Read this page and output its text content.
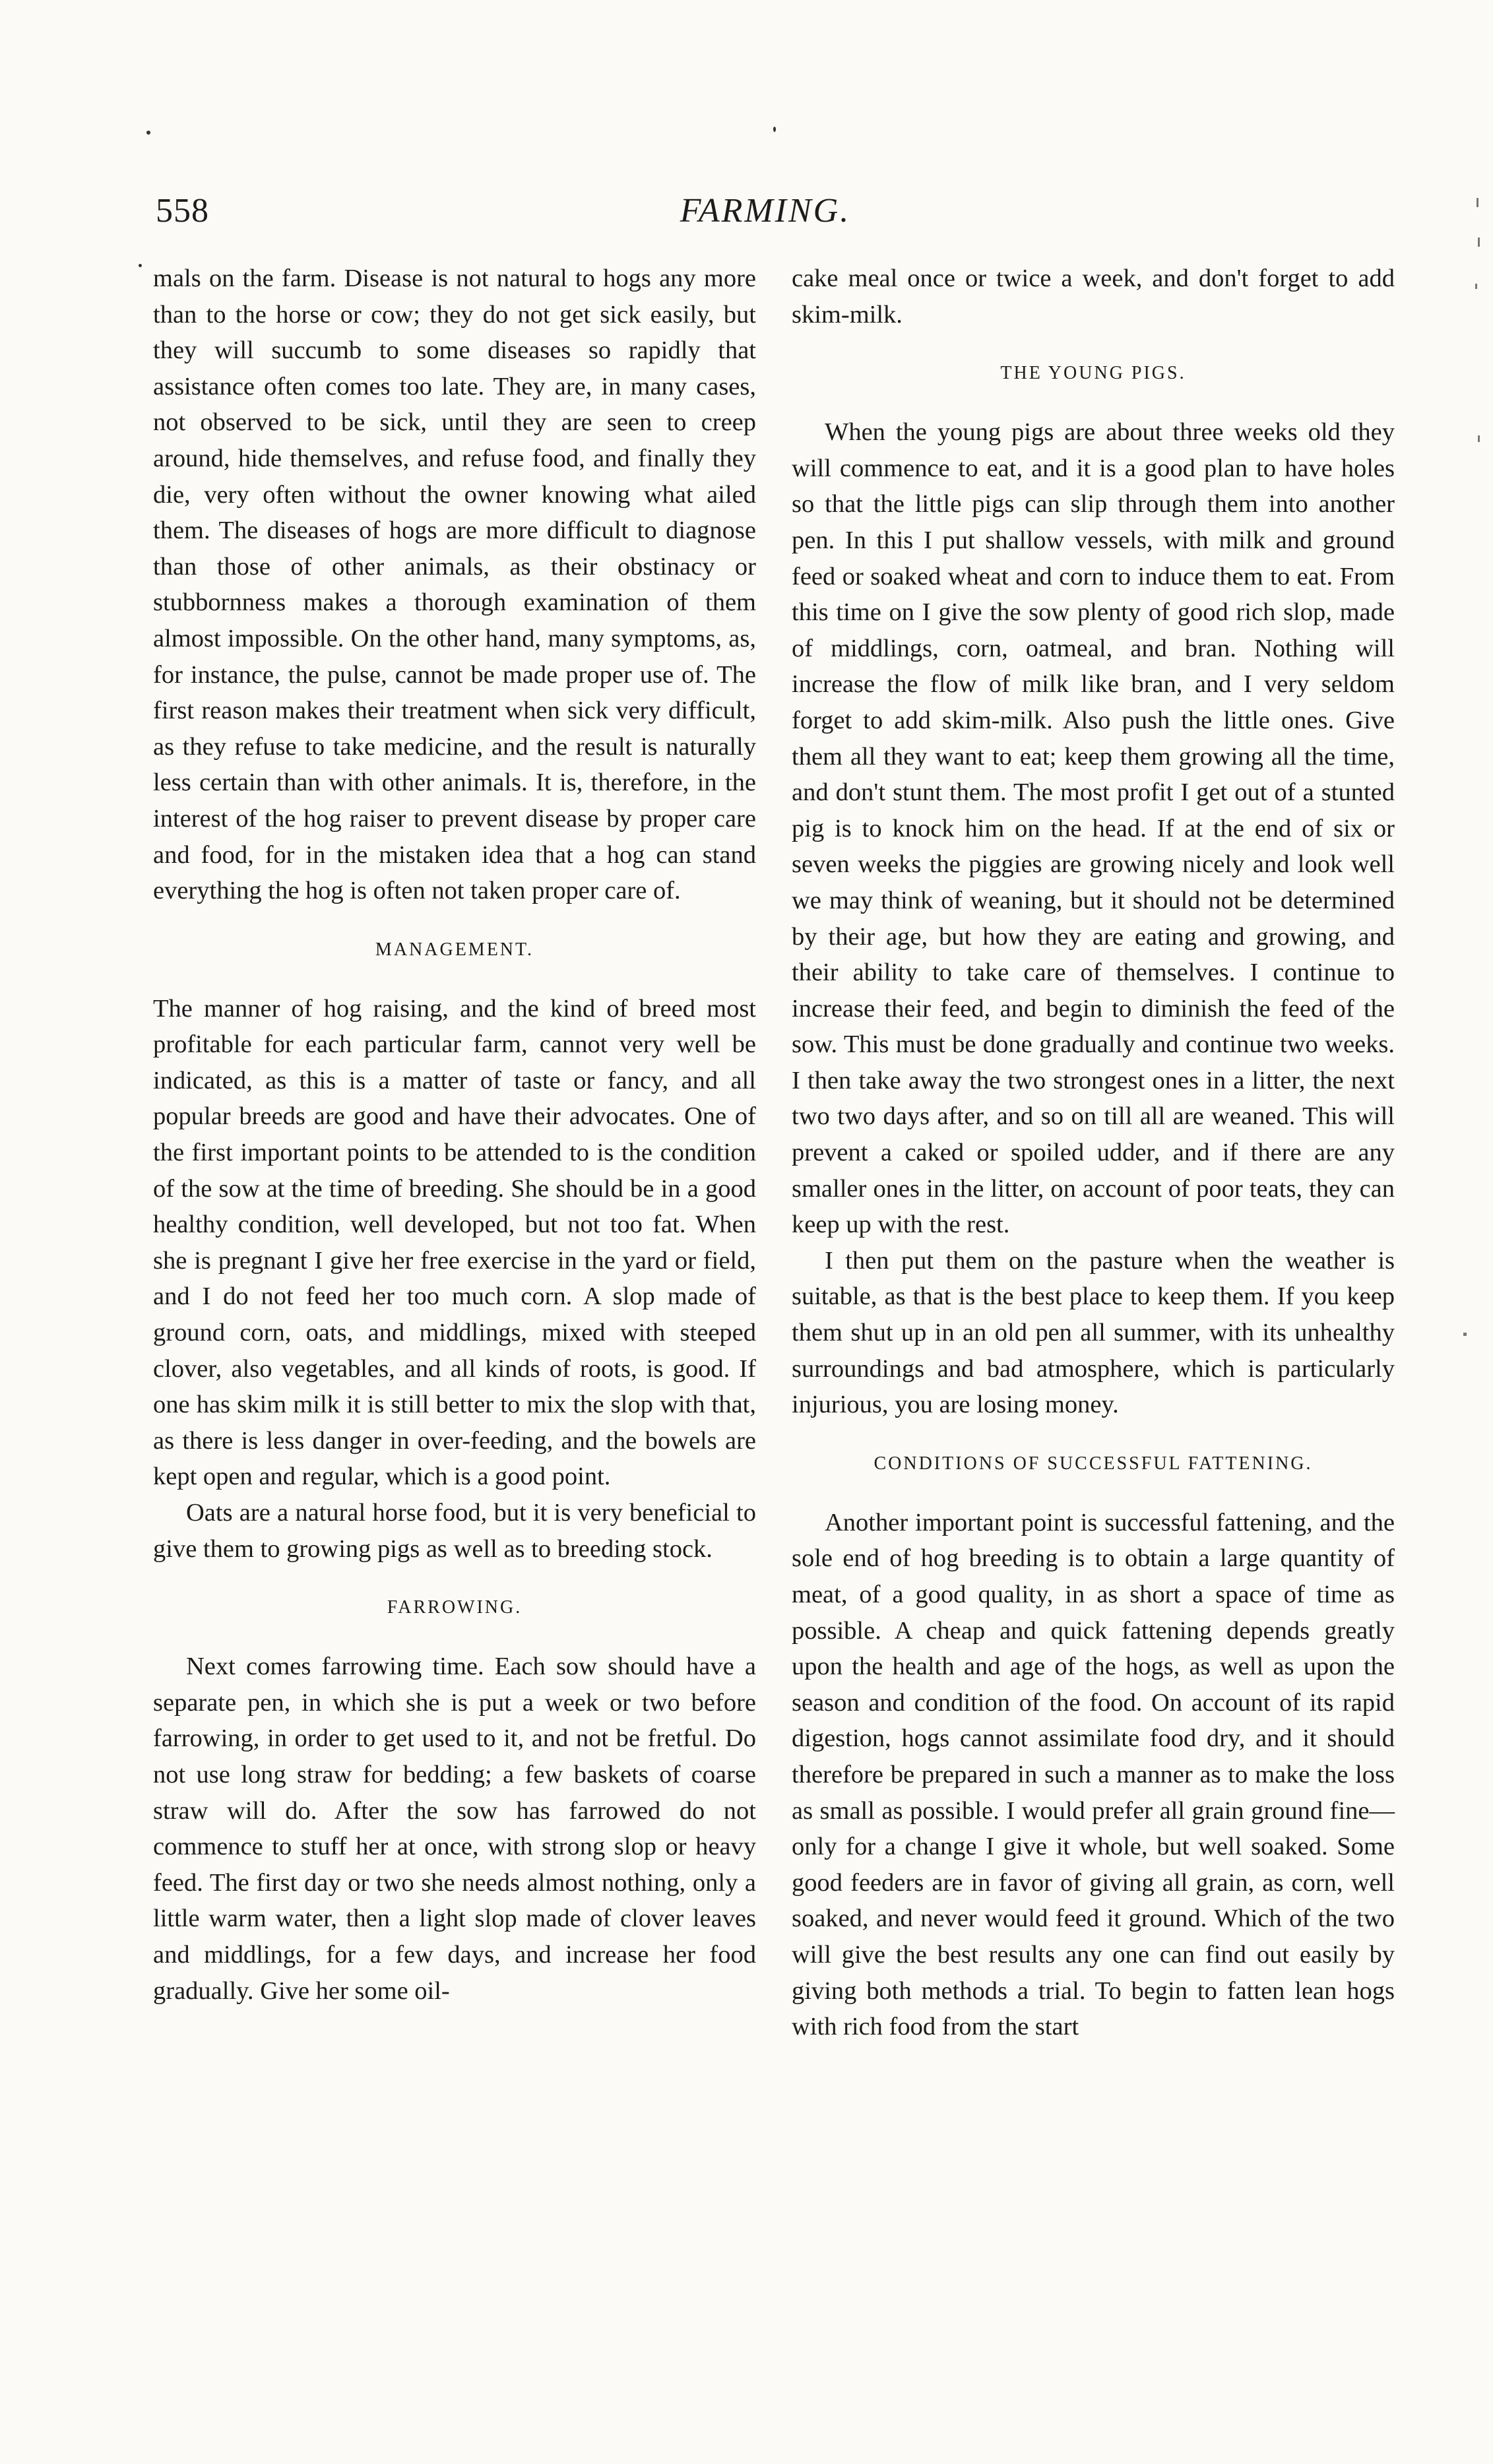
558	FARMING.

mals on the farm. Disease is not natural to hogs any more than to the horse or cow; they do not get sick easily, but they will succumb to some diseases so rapidly that assistance often comes too late. They are, in many cases, not observed to be sick, until they are seen to creep around, hide themselves, and refuse food, and finally they die, very often without the owner knowing what ailed them. The diseases of hogs are more difficult to diagnose than those of other animals, as their obstinacy or stubbornness makes a thorough examination of them almost impossible. On the other hand, many symptoms, as, for instance, the pulse, cannot be made proper use of. The first reason makes their treatment when sick very difficult, as they refuse to take medicine, and the result is naturally less certain than with other animals. It is, therefore, in the interest of the hog raiser to prevent disease by proper care and food, for in the mistaken idea that a hog can stand everything the hog is often not taken proper care of.

MANAGEMENT.

The manner of hog raising, and the kind of breed most profitable for each particular farm, cannot very well be indicated, as this is a matter of taste or fancy, and all popular breeds are good and have their advocates. One of the first important points to be attended to is the condition of the sow at the time of breeding. She should be in a good healthy condition, well developed, but not too fat. When she is pregnant I give her free exercise in the yard or field, and I do not feed her too much corn. A slop made of ground corn, oats, and middlings, mixed with steeped clover, also vegetables, and all kinds of roots, is good. If one has skim milk it is still better to mix the slop with that, as there is less danger in over-feeding, and the bowels are kept open and regular, which is a good point.

Oats are a natural horse food, but it is very beneficial to give them to growing pigs as well as to breeding stock.

FARROWING.

Next comes farrowing time. Each sow should have a separate pen, in which she is put a week or two before farrowing, in order to get used to it, and not be fretful. Do not use long straw for bedding; a few baskets of coarse straw will do. After the sow has farrowed do not commence to stuff her at once, with strong slop or heavy feed. The first day or two she needs almost nothing, only a little warm water, then a light slop made of clover leaves and middlings, for a few days, and increase her food gradually. Give her some oil-

cake meal once or twice a week, and don't forget to add skim-milk.

THE YOUNG PIGS.

When the young pigs are about three weeks old they will commence to eat, and it is a good plan to have holes so that the little pigs can slip through them into another pen. In this I put shallow vessels, with milk and ground feed or soaked wheat and corn to induce them to eat. From this time on I give the sow plenty of good rich slop, made of middlings, corn, oatmeal, and bran. Nothing will increase the flow of milk like bran, and I very seldom forget to add skim-milk. Also push the little ones. Give them all they want to eat; keep them growing all the time, and don't stunt them. The most profit I get out of a stunted pig is to knock him on the head. If at the end of six or seven weeks the piggies are growing nicely and look well we may think of weaning, but it should not be determined by their age, but how they are eating and growing, and their ability to take care of themselves. I continue to increase their feed, and begin to diminish the feed of the sow. This must be done gradually and continue two weeks. I then take away the two strongest ones in a litter, the next two two days after, and so on till all are weaned. This will prevent a caked or spoiled udder, and if there are any smaller ones in the litter, on account of poor teats, they can keep up with the rest.

I then put them on the pasture when the weather is suitable, as that is the best place to keep them. If you keep them shut up in an old pen all summer, with its unhealthy surroundings and bad atmosphere, which is particularly injurious, you are losing money.

CONDITIONS OF SUCCESSFUL FATTENING.

Another important point is successful fattening, and the sole end of hog breeding is to obtain a large quantity of meat, of a good quality, in as short a space of time as possible. A cheap and quick fattening depends greatly upon the health and age of the hogs, as well as upon the season and condition of the food. On account of its rapid digestion, hogs cannot assimilate food dry, and it should therefore be prepared in such a manner as to make the loss as small as possible. I would prefer all grain ground fine—only for a change I give it whole, but well soaked. Some good feeders are in favor of giving all grain, as corn, well soaked, and never would feed it ground. Which of the two will give the best results any one can find out easily by giving both methods a trial. To begin to fatten lean hogs with rich food from the start
